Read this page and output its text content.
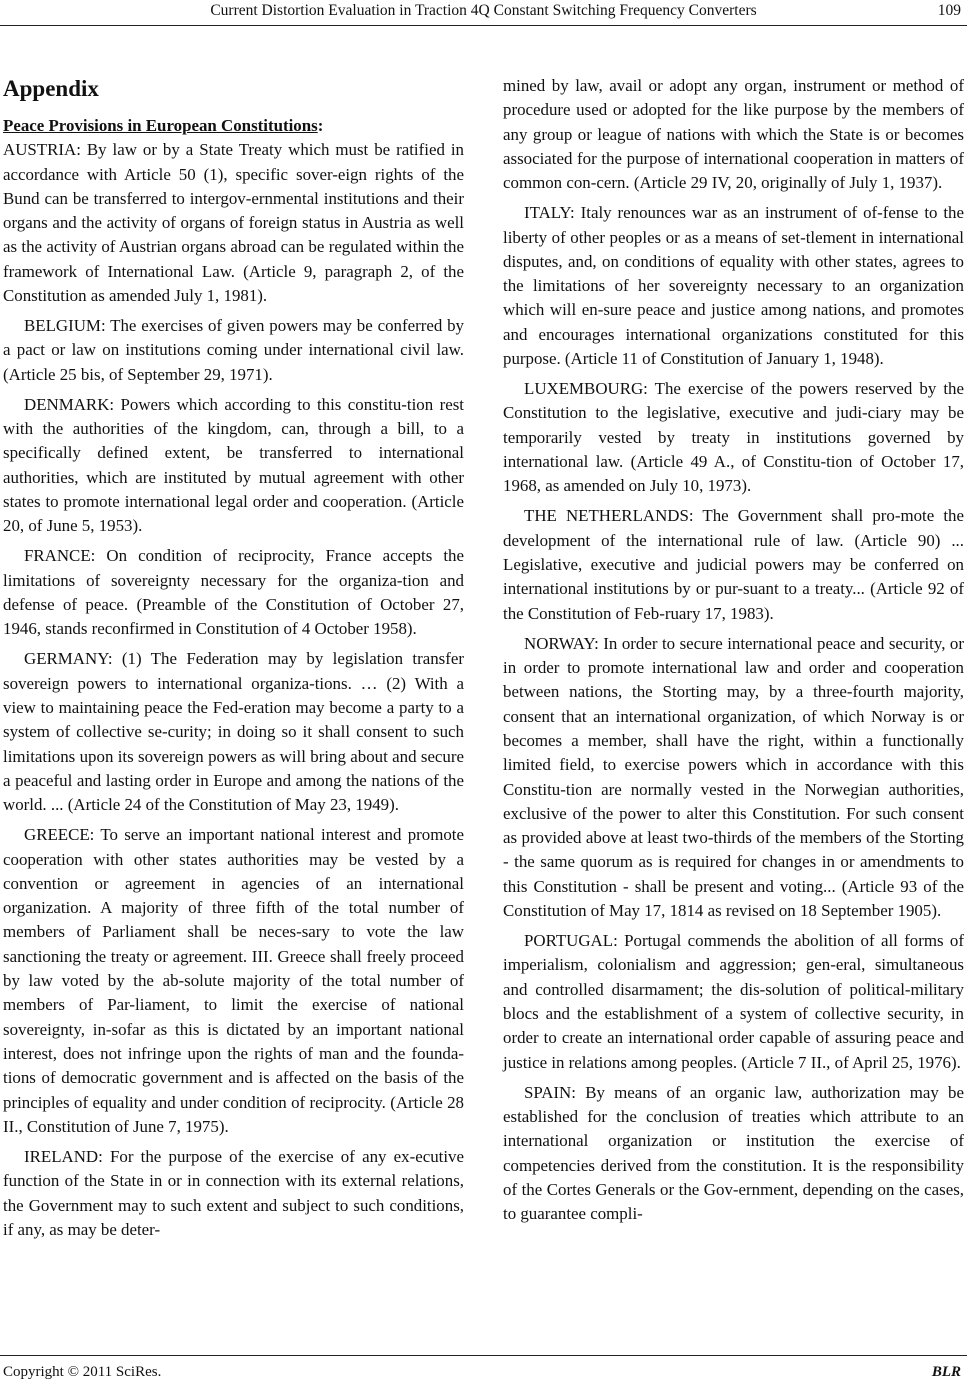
Current Distortion Evaluation in Traction 4Q Constant Switching Frequency Converters	109
Appendix

Peace Provisions in European Constitutions:

AUSTRIA: By law or by a State Treaty which must be ratified in accordance with Article 50 (1), specific sover-eign rights of the Bund can be transferred to intergov-ernmental institutions and their organs and the activity of organs of foreign status in Austria as well as the activity of Austrian organs abroad can be regulated within the framework of International Law. (Article 9, paragraph 2, of the Constitution as amended July 1, 1981).

BELGIUM: The exercises of given powers may be conferred by a pact or law on institutions coming under international civil law. (Article 25 bis, of September 29, 1971).

DENMARK: Powers which according to this constitu-tion rest with the authorities of the kingdom, can, through a bill, to a specifically defined extent, be transferred to international authorities, which are instituted by mutual agreement with other states to promote international legal order and cooperation. (Article 20, of June 5, 1953).

FRANCE: On condition of reciprocity, France accepts the limitations of sovereignty necessary for the organiza-tion and defense of peace. (Preamble of the Constitution of October 27, 1946, stands reconfirmed in Constitution of 4 October 1958).

GERMANY: (1) The Federation may by legislation transfer sovereign powers to international organiza-tions. … (2) With a view to maintaining peace the Fed-eration may become a party to a system of collective se-curity; in doing so it shall consent to such limitations upon its sovereign powers as will bring about and secure a peaceful and lasting order in Europe and among the nations of the world. ... (Article 24 of the Constitution of May 23, 1949).

GREECE: To serve an important national interest and promote cooperation with other states authorities may be vested by a convention or agreement in agencies of an international organization. A majority of three fifth of the total number of members of Parliament shall be neces-sary to vote the law sanctioning the treaty or agreement. III. Greece shall freely proceed by law voted by the ab-solute majority of the total number of members of Par-liament, to limit the exercise of national sovereignty, in-sofar as this is dictated by an important national interest, does not infringe upon the rights of man and the founda-tions of democratic government and is affected on the basis of the principles of equality and under condition of reciprocity. (Article 28 II., Constitution of June 7, 1975).

IRELAND: For the purpose of the exercise of any ex-ecutive function of the State in or in connection with its external relations, the Government may to such extent and subject to such conditions, if any, as may be deter-

mined by law, avail or adopt any organ, instrument or method of procedure used or adopted for the like purpose by the members of any group or league of nations with which the State is or becomes associated for the purpose of international cooperation in matters of common con-cern. (Article 29 IV, 20, originally of July 1, 1937).

ITALY: Italy renounces war as an instrument of of-fense to the liberty of other peoples or as a means of set-tlement in international disputes, and, on conditions of equality with other states, agrees to the limitations of her sovereignty necessary to an organization which will en-sure peace and justice among nations, and promotes and encourages international organizations constituted for this purpose. (Article 11 of Constitution of January 1, 1948).

LUXEMBOURG: The exercise of the powers reserved by the Constitution to the legislative, executive and judi-ciary may be temporarily vested by treaty in institutions governed by international law. (Article 49 A., of Constitu-tion of October 17, 1968, as amended on July 10, 1973).

THE NETHERLANDS: The Government shall pro-mote the development of the international rule of law. (Article 90) ... Legislative, executive and judicial powers may be conferred on international institutions by or pur-suant to a treaty... (Article 92 of the Constitution of Feb-ruary 17, 1983).

NORWAY: In order to secure international peace and security, or in order to promote international law and order and cooperation between nations, the Storting may, by a three-fourth majority, consent that an international organization, of which Norway is or becomes a member, shall have the right, within a functionally limited field, to exercise powers which in accordance with this Constitu-tion are normally vested in the Norwegian authorities, exclusive of the power to alter this Constitution. For such consent as provided above at least two-thirds of the members of the Storting - the same quorum as is required for changes in or amendments to this Constitution - shall be present and voting... (Article 93 of the Constitution of May 17, 1814 as revised on 18 September 1905).

PORTUGAL: Portugal commends the abolition of all forms of imperialism, colonialism and aggression; gen-eral, simultaneous and controlled disarmament; the dis-solution of political-military blocs and the establishment of a system of collective security, in order to create an international order capable of assuring peace and justice in relations among peoples. (Article 7 II., of April 25, 1976).

SPAIN: By means of an organic law, authorization may be established for the conclusion of treaties which attribute to an international organization or institution the exercise of competencies derived from the constitution. It is the responsibility of the Cortes Generals or the Gov-ernment, depending on the cases, to guarantee compli-

Copyright © 2011 SciRes.	BLR
